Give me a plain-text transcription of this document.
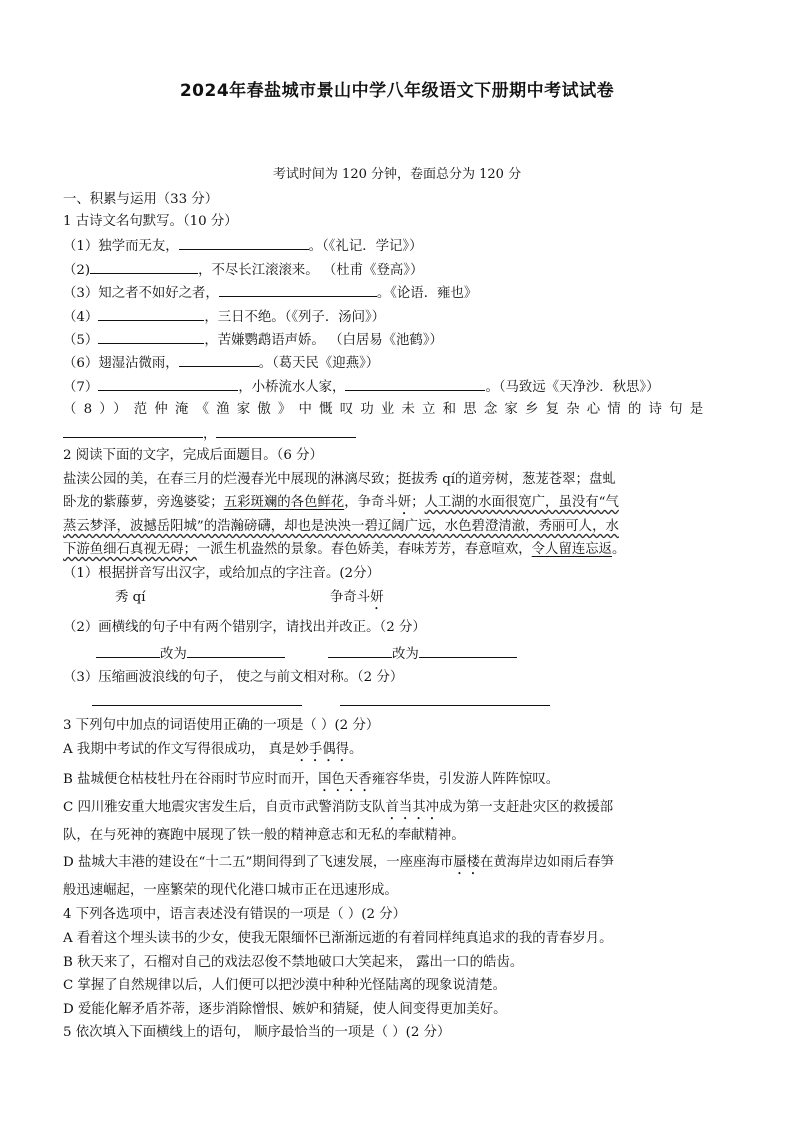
2024年春盐城市景山中学八年级语文下册期中考试试卷
考试时间为 120 分钟，卷面总分为 120 分
一、积累与运用（33 分）
1 古诗文名句默写。（10 分）
（1）独学而无友，	。（《礼记．学记》）
（2)	，不尽长江滚滚来。 （杜甫《登高》）
（3）知之者不如好之者，	。《论语．雍也》
（4）	，三日不绝。（《列子．汤问》）
（5）	，苦嫌鹦鹉语声娇。 （白居易《池鹤》）
（6）翅湿沾微雨，	。（葛天民《迎燕》）
（7）	，小桥流水人家，	。（马致远《天净沙．秋思》）
（8））范仲淹《渔家傲》中慨叹功业未立和思念家乡复杂心情的诗句是
，
2 阅读下面的文字，完成后面题目。（6 分）
盐渎公园的美，在春三月的烂漫春光中展现的淋漓尽致；挺拔秀 qí的道旁树，葱茏苍翠；盘虬
卧龙的紫藤萝，旁逸婆娑；五彩斑斓的各色鲜花，争奇斗妍；人工湖的水面很宽广，虽没有“气
蒸云梦泽，波撼岳阳城”的浩瀚磅礴，却也是泱泱一碧辽阔广远，水色碧澄清澈，秀丽可人，水
下游鱼细石真视无碍；一派生机盎然的景象。春色娇美，春味芳芳，春意喧欢，令人留连忘返。
（1）根据拼音写出汉字，或给加点的字注音。(2分）
秀 qí	争奇斗妍
（2）画横线的句子中有两个错别字，请找出并改正。（2 分）
改为	改为
（3）压缩画波浪线的句子， 使之与前文相对称。（2 分）
3 下列句中加点的词语使用正确的一项是（ ）(2 分）
A 我期中考试的作文写得很成功， 真是妙手偶得。
B 盐城便仓枯枝牡丹在谷雨时节应时而开，国色天香雍容华贵，引发游人阵阵惊叹。
C 四川雅安重大地震灾害发生后，自贡市武警消防支队首当其冲成为第一支赶赴灾区的救援部
队，在与死神的赛跑中展现了铁一般的精神意志和无私的奉献精神。
D 盐城大丰港的建设在“十二五”期间得到了飞速发展，一座座海市蜃楼在黄海岸边如雨后春笋
般迅速崛起，一座繁荣的现代化港口城市正在迅速形成。
4 下列各选项中，语言表述没有错误的一项是（ ）(2 分）
A 看着这个埋头读书的少女，使我无限缅怀已渐渐远逝的有着同样纯真追求的我的青春岁月。
B 秋天来了，石榴对自己的戏法忍俊不禁地破口大笑起来， 露出一口的皓齿。
C 掌握了自然规律以后，人们便可以把沙漠中种种光怪陆离的现象说清楚。
D 爱能化解矛盾芥蒂，逐步消除憎恨、嫉妒和猜疑，使人间变得更加美好。
5 依次填入下面横线上的语句， 顺序最恰当的一项是（ ）(2 分）
